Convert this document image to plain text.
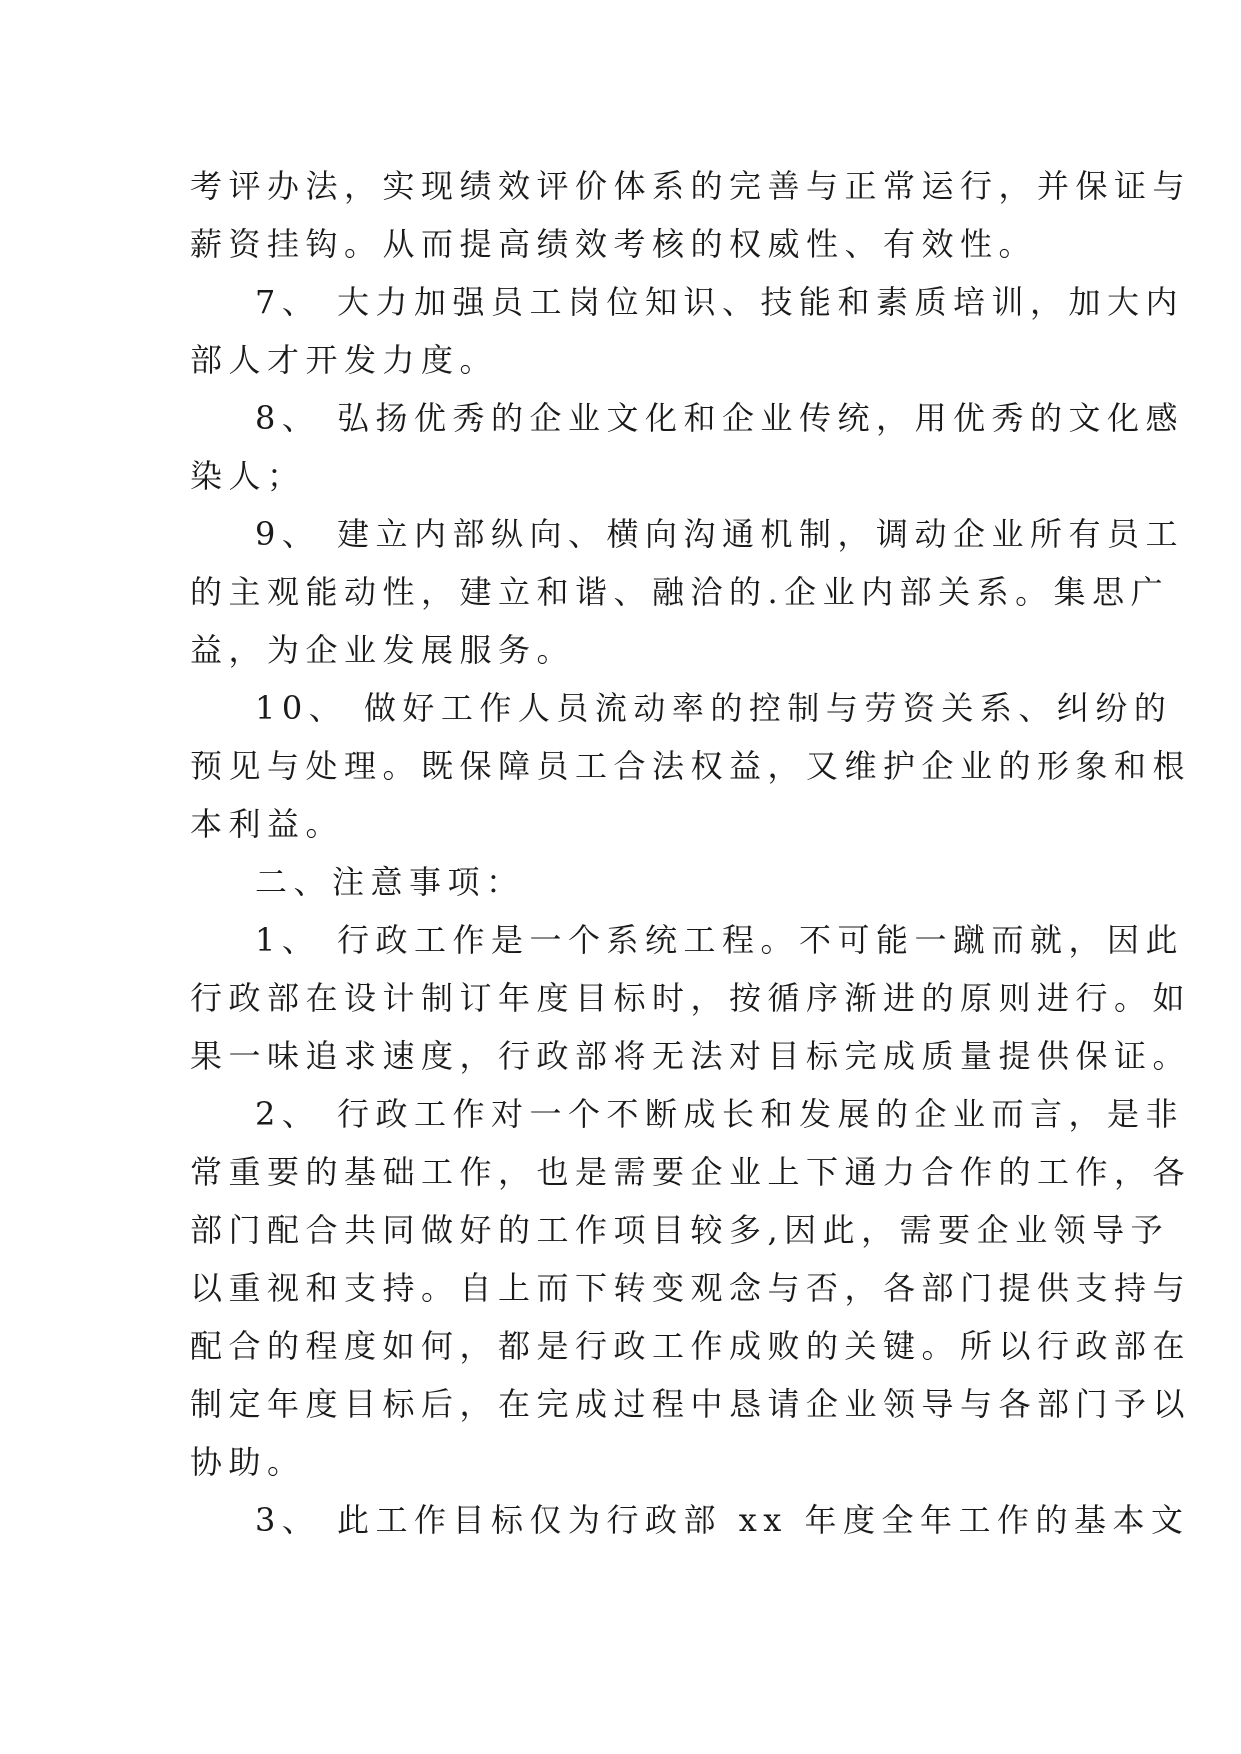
考评办法，实现绩效评价体系的完善与正常运行，并保证与
薪资挂钩。从而提高绩效考核的权威性、有效性。
7、 大力加强员工岗位知识、技能和素质培训，加大内
部人才开发力度。
8、 弘扬优秀的企业文化和企业传统，用优秀的文化感
染人；
9、 建立内部纵向、横向沟通机制，调动企业所有员工
的主观能动性，建立和谐、融洽的.企业内部关系。集思广
益，为企业发展服务。
10、 做好工作人员流动率的控制与劳资关系、纠纷的
预见与处理。既保障员工合法权益，又维护企业的形象和根
本利益。
二、注意事项：
1、 行政工作是一个系统工程。不可能一蹴而就，因此
行政部在设计制订年度目标时，按循序渐进的原则进行。如
果一味追求速度，行政部将无法对目标完成质量提供保证。
2、 行政工作对一个不断成长和发展的企业而言，是非
常重要的基础工作，也是需要企业上下通力合作的工作，各
部门配合共同做好的工作项目较多,因此，需要企业领导予
以重视和支持。自上而下转变观念与否，各部门提供支持与
配合的程度如何，都是行政工作成败的关键。所以行政部在
制定年度目标后，在完成过程中恳请企业领导与各部门予以
协助。
3、 此工作目标仅为行政部 xx 年度全年工作的基本文
